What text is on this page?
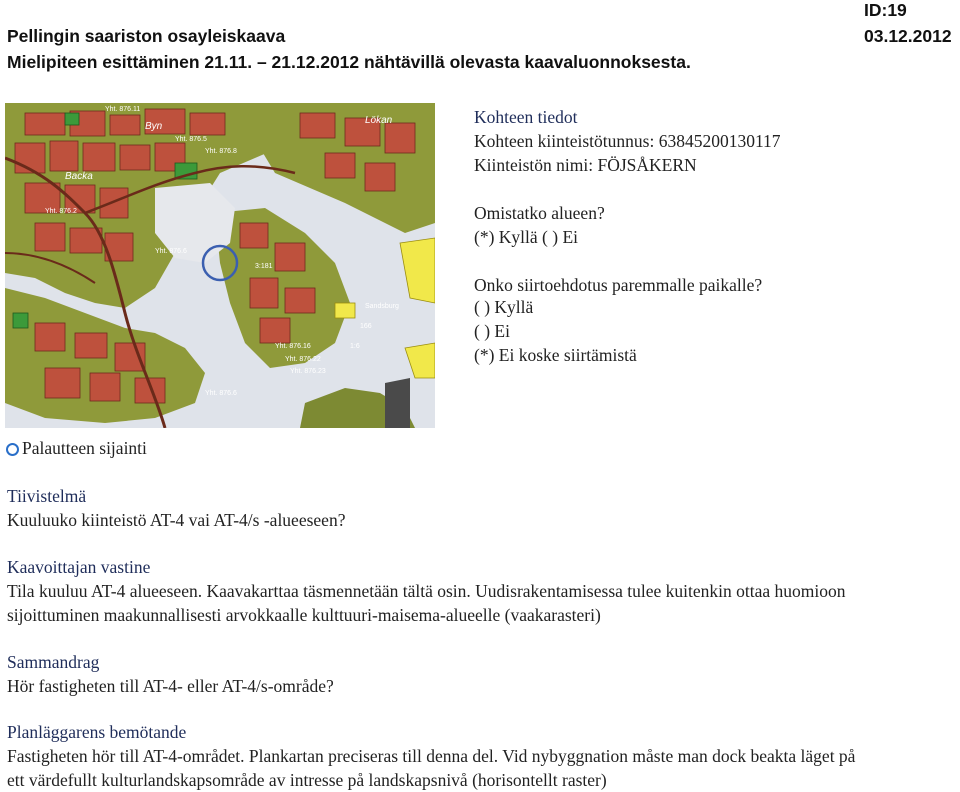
Pellingin saariston osayleiskaava
Mielipiteen esittäminen 21.11. – 21.12.2012 nähtävillä olevasta kaavaluonnoksesta.
ID:19
03.12.2012
Yht. 876.11
Yht. 876.5
Yht. 876.8
Yht. 876.2
Yht. 876.6
Yht. 876.16
Yht. 876.22
Yht. 876.23
Yht. 876.6
Sandsburg
3:181
166
1:6
Lökan
Backa
Byn	Kohteen tiedot
Kohteen kiinteistötunnus: 63845200130117
Kiinteistön nimi: FÖJSÅKERN
Omistatko alueen?
(*) Kyllä ( ) Ei
Onko siirtoehdotus paremmalle paikalle?
( ) Kyllä
( ) Ei
(*) Ei koske siirtämistä
Palautteen sijainti
Tiivistelmä
Kuuluuko kiinteistö AT-4 vai AT-4/s -alueeseen?
Kaavoittajan vastine
Tila kuuluu AT-4 alueeseen. Kaavakarttaa täsmennetään tältä osin. Uudisrakentamisessa tulee kuitenkin ottaa huomioon
sijoittuminen maakunnallisesti arvokkaalle kulttuuri-maisema-alueelle (vaakarasteri)
Sammandrag
Hör fastigheten till AT-4- eller AT-4/s-område?
Planläggarens bemötande
Fastigheten hör till AT-4-området. Plankartan preciseras till denna del. Vid nybyggnation måste man dock beakta läget på
ett värdefullt kulturlandskapsområde av intresse på landskapsnivå (horisontellt raster)
